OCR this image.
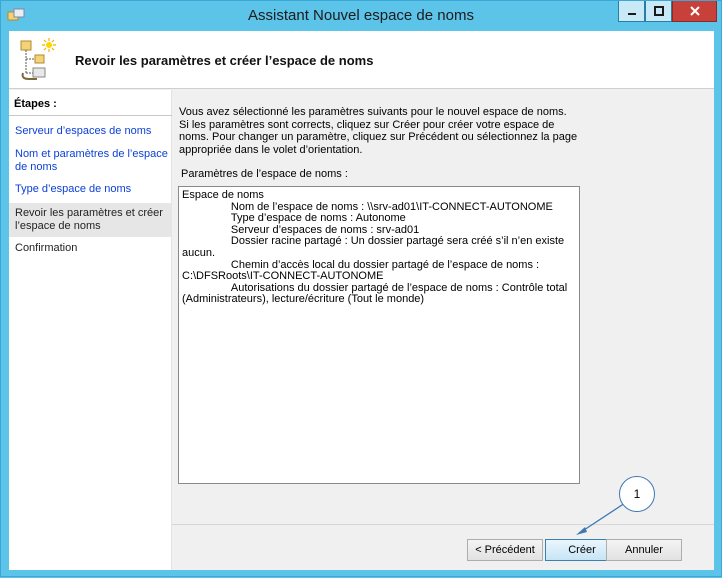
Assistant Nouvel espace de noms
Revoir les paramètres et créer l’espace de noms
Étapes :
Serveur d’espaces de noms
Nom et paramètres de l’espace de noms
Type d’espace de noms
Revoir les paramètres et créer l’espace de noms
Confirmation
Vous avez sélectionné les paramètres suivants pour le nouvel espace de noms. Si les paramètres sont corrects, cliquez sur Créer pour créer votre espace de noms. Pour changer un paramètre, cliquez sur Précédent ou sélectionnez la page appropriée dans le volet d’orientation.
Paramètres de l’espace de noms :
Espace de noms
		Nom de l’espace de noms : \\srv-ad01\IT-CONNECT-AUTONOME
		Type d’espace de noms : Autonome
		Serveur d’espaces de noms : srv-ad01
		Dossier racine partagé : Un dossier partagé sera créé s’il n’en existe aucun.
		Chemin d’accès local du dossier partagé de l’espace de noms : C:\DFSRoots\IT-CONNECT-AUTONOME
		Autorisations du dossier partagé de l’espace de noms : Contrôle total (Administrateurs), lecture/écriture (Tout le monde)
< Précédent	Créer	Annuler
1
